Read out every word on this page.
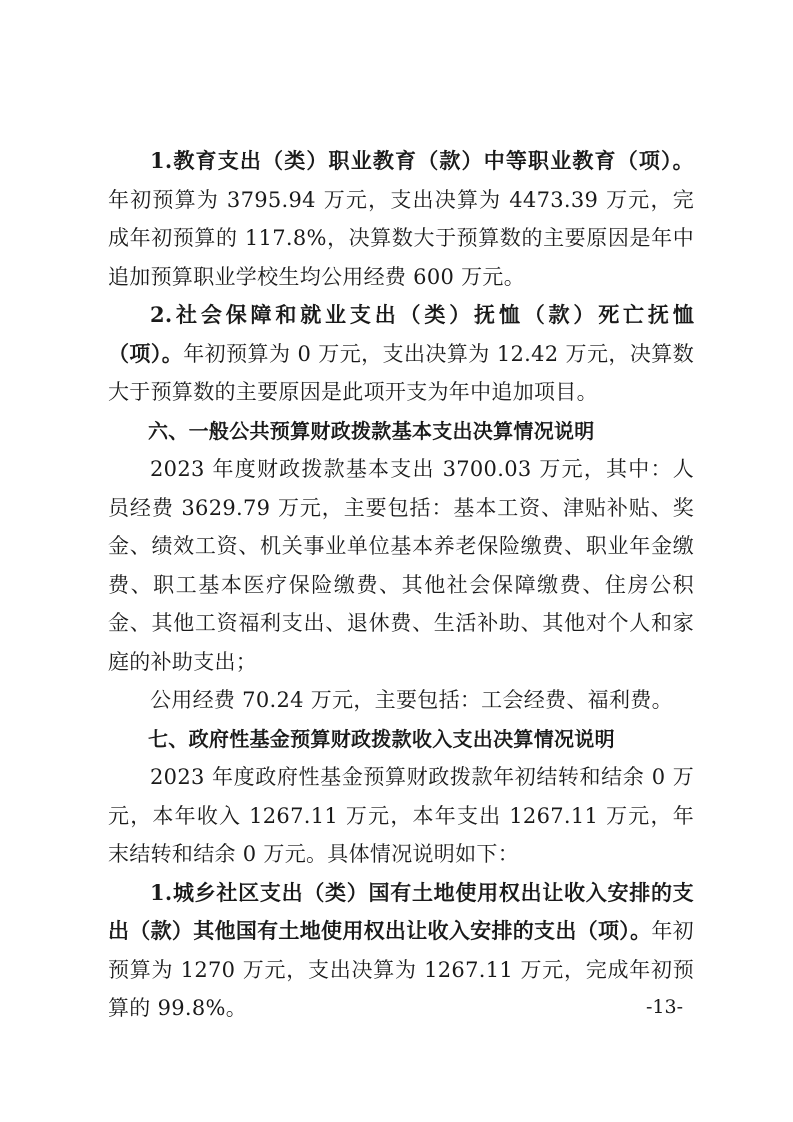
1.教育支出（类）职业教育（款）中等职业教育（项）。年初预算为 3795.94 万元，支出决算为 4473.39 万元，完成年初预算的 117.8%，决算数大于预算数的主要原因是年中追加预算职业学校生均公用经费 600 万元。

2.社会保障和就业支出（类）抚恤（款）死亡抚恤（项）。年初预算为 0 万元，支出决算为 12.42 万元，决算数大于预算数的主要原因是此项开支为年中追加项目。

六、一般公共预算财政拨款基本支出决算情况说明

2023 年度财政拨款基本支出 3700.03 万元，其中：人员经费 3629.79 万元，主要包括：基本工资、津贴补贴、奖金、绩效工资、机关事业单位基本养老保险缴费、职业年金缴费、职工基本医疗保险缴费、其他社会保障缴费、住房公积金、其他工资福利支出、退休费、生活补助、其他对个人和家庭的补助支出；

公用经费 70.24 万元，主要包括：工会经费、福利费。

七、政府性基金预算财政拨款收入支出决算情况说明

2023 年度政府性基金预算财政拨款年初结转和结余 0 万元，本年收入 1267.11 万元，本年支出 1267.11 万元，年末结转和结余 0 万元。具体情况说明如下：

1.城乡社区支出（类）国有土地使用权出让收入安排的支出（款）其他国有土地使用权出让收入安排的支出（项）。年初预算为 1270 万元，支出决算为 1267.11 万元，完成年初预算的 99.8%。	-13-
